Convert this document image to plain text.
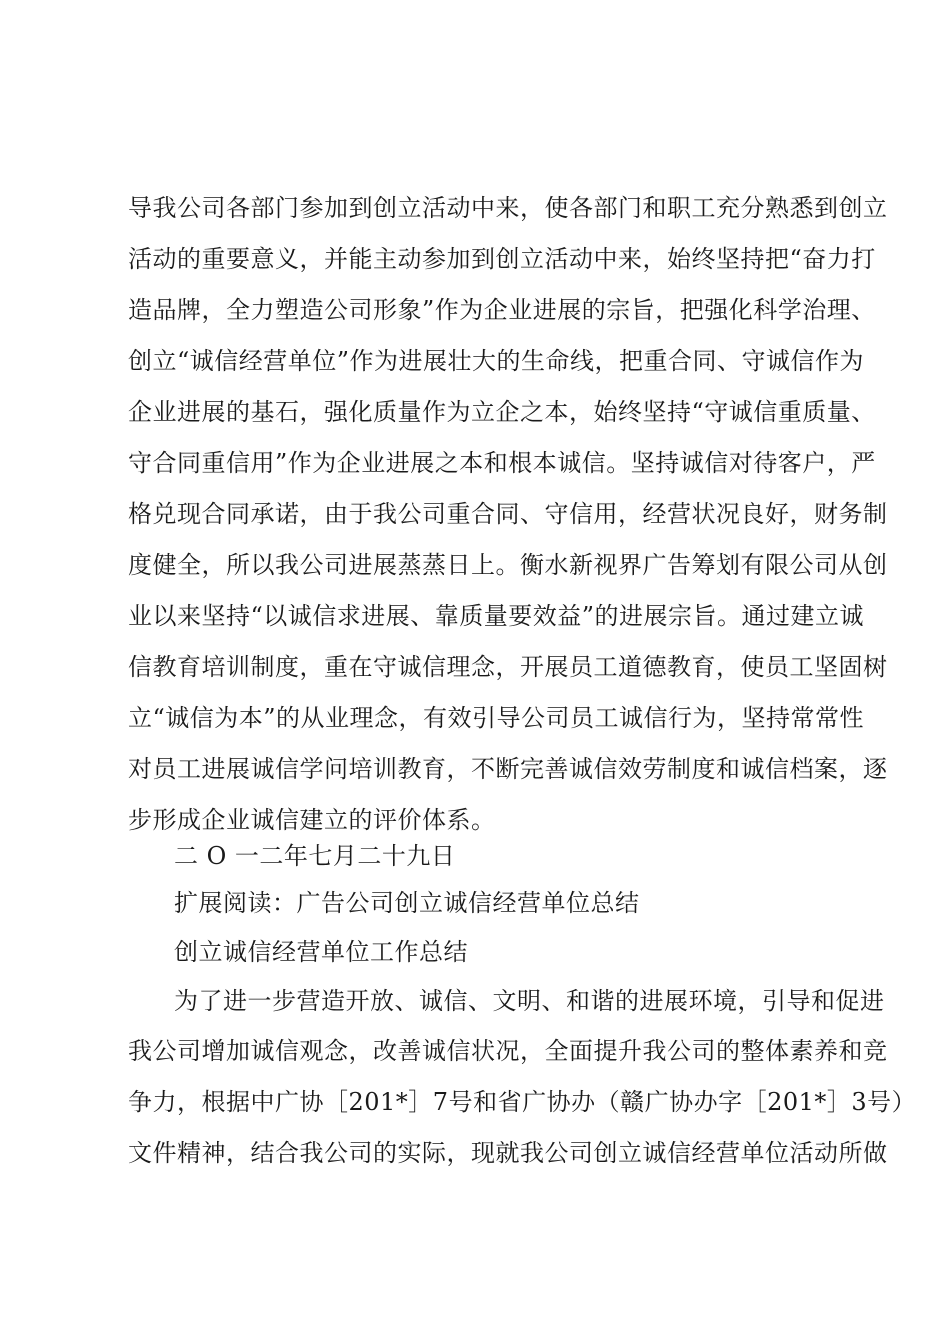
导我公司各部门参加到创立活动中来，使各部门和职工充分熟悉到创立
活动的重要意义，并能主动参加到创立活动中来，始终坚持把“奋力打
造品牌，全力塑造公司形象”作为企业进展的宗旨，把强化科学治理、
创立“诚信经营单位”作为进展壮大的生命线，把重合同、守诚信作为
企业进展的基石，强化质量作为立企之本，始终坚持“守诚信重质量、
守合同重信用”作为企业进展之本和根本诚信。坚持诚信对待客户，严
格兑现合同承诺，由于我公司重合同、守信用，经营状况良好，财务制
度健全，所以我公司进展蒸蒸日上。衡水新视界广告筹划有限公司从创
业以来坚持“以诚信求进展、靠质量要效益”的进展宗旨。通过建立诚
信教育培训制度，重在守诚信理念，开展员工道德教育，使员工坚固树
立“诚信为本”的从业理念，有效引导公司员工诚信行为，坚持常常性
对员工进展诚信学问培训教育，不断完善诚信效劳制度和诚信档案，逐
步形成企业诚信建立的评价体系。
二 O 一二年七月二十九日
扩展阅读：广告公司创立诚信经营单位总结
创立诚信经营单位工作总结
为了进一步营造开放、诚信、文明、和谐的进展环境，引导和促进
我公司增加诚信观念，改善诚信状况，全面提升我公司的整体素养和竞
争力，根据中广协［201*］7号和省广协办（赣广协办字［201*］3号）
文件精神，结合我公司的实际，现就我公司创立诚信经营单位活动所做
